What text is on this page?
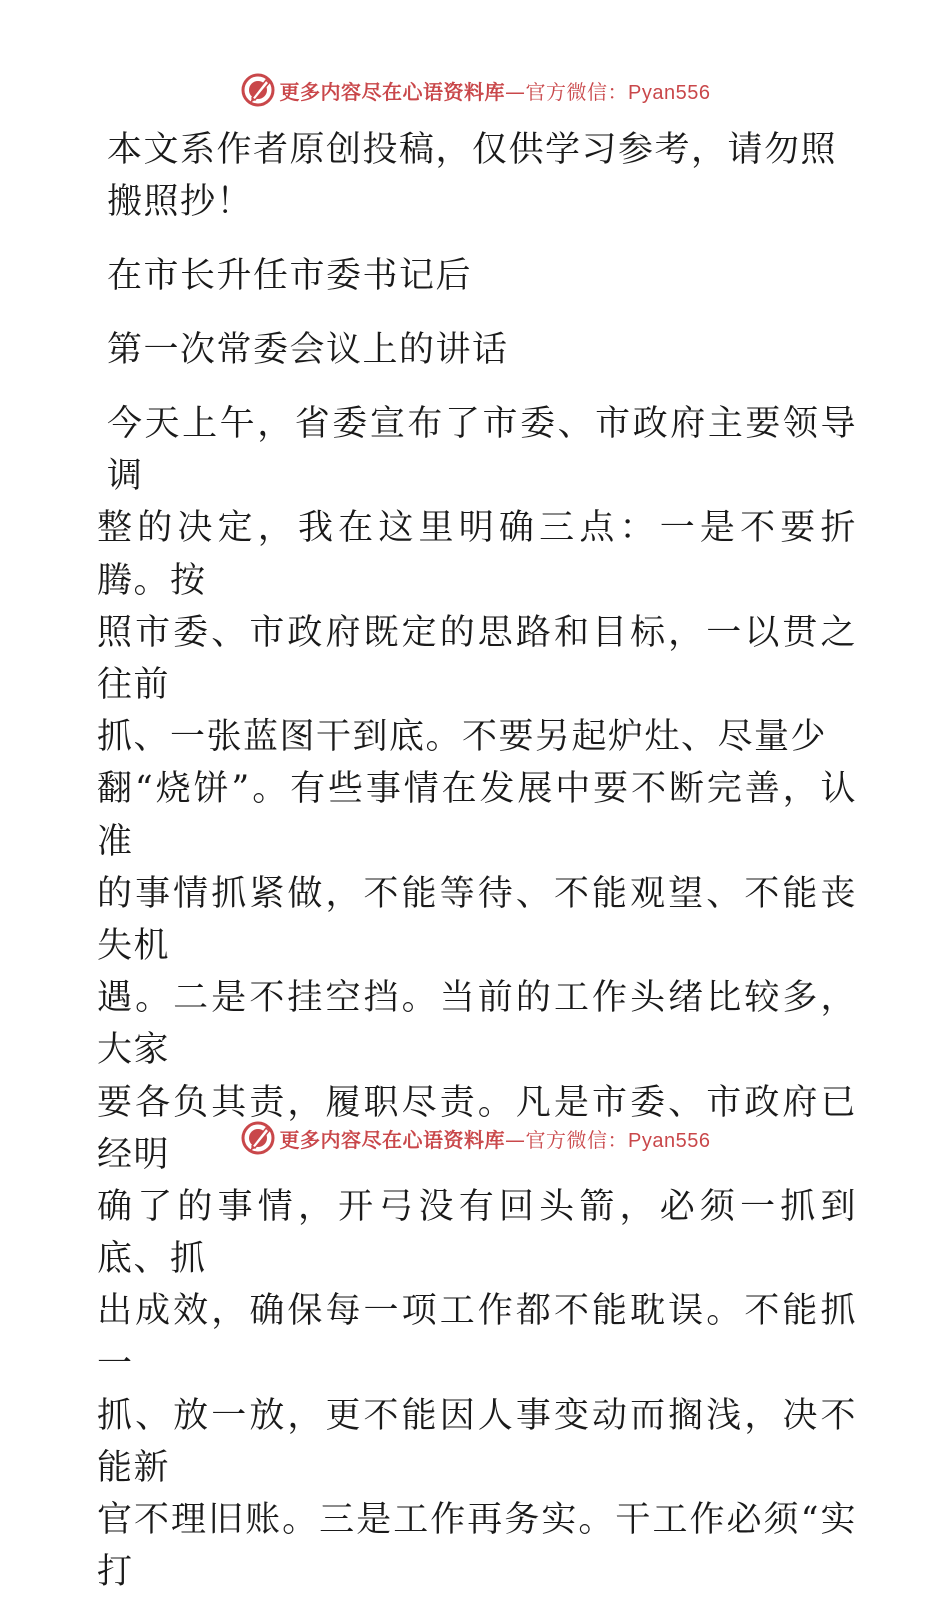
更多内容尽在心语资料库—官方微信：Pyan556

本文系作者原创投稿，仅供学习参考，请勿照搬照抄！

在市长升任市委书记后

第一次常委会议上的讲话

今天上午，省委宣布了市委、市政府主要领导调
整的决定，我在这里明确三点：一是不要折腾。按
照市委、市政府既定的思路和目标，一以贯之往前
抓、一张蓝图干到底。不要另起炉灶、尽量少
翻“烧饼”。有些事情在发展中要不断完善，认准
的事情抓紧做，不能等待、不能观望、不能丧失机
遇。二是不挂空挡。当前的工作头绪比较多，大家
要各负其责，履职尽责。凡是市委、市政府已经明
确了的事情，开弓没有回头箭，必须一抓到底、抓
出成效，确保每一项工作都不能耽误。不能抓一
抓、放一放，更不能因人事变动而搁浅，决不能新
官不理旧账。三是工作再务实。干工作必须“实打
更多内容尽在心语资料库—官方微信：Pyan556
